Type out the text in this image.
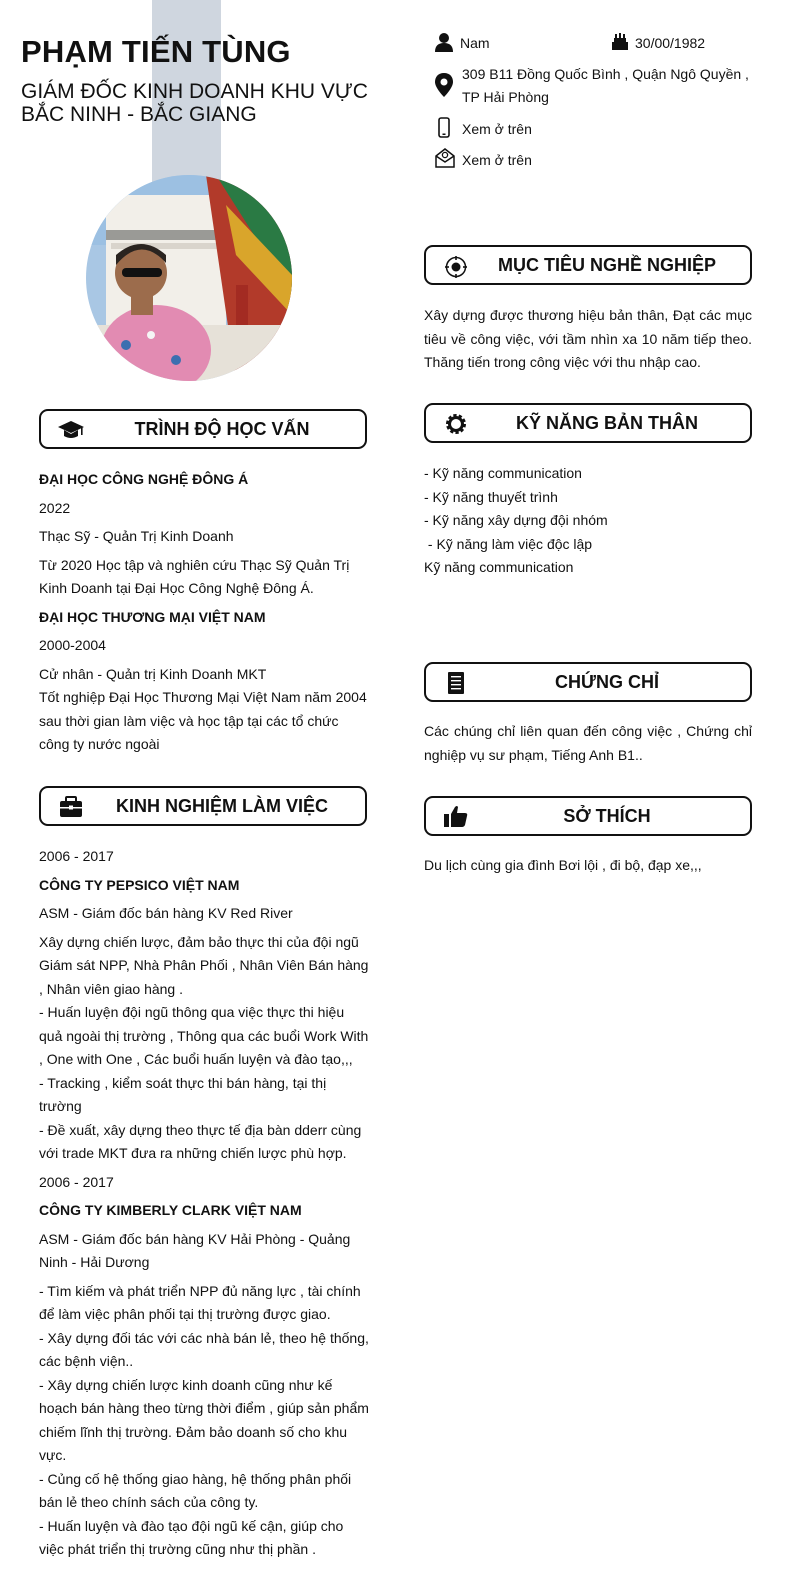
PHẠM TIẾN TÙNG
GIÁM ĐỐC KINH DOANH KHU VỰC BẮC NINH - BẮC GIANG
Nam	30/00/1982
309 B11 Đồng Quốc Bình , Quận Ngô Quyền , TP Hải Phòng
Xem ở trên
Xem ở trên
TRÌNH ĐỘ HỌC VẤN

ĐẠI HỌC CÔNG NGHỆ ĐÔNG Á

2022

Thạc Sỹ - Quản Trị Kinh Doanh

Từ 2020 Học tập và nghiên cứu Thạc Sỹ Quản Trị Kinh Doanh tại Đại Học Công Nghệ Đông Á.

ĐẠI HỌC THƯƠNG MẠI VIỆT NAM

2000-2004

Cử nhân - Quản trị Kinh Doanh MKT

Tốt nghiệp Đại Học Thương Mại Việt Nam năm 2004 sau thời gian làm việc và học tập tại các tổ chức công ty nước ngoài

KINH NGHIỆM LÀM VIỆC

2006 - 2017

CÔNG TY PEPSICO VIỆT NAM

ASM - Giám đốc bán hàng KV Red River

Xây dựng chiến lược, đảm bảo thực thi của đội ngũ Giám sát NPP, Nhà Phân Phối , Nhân Viên Bán hàng , Nhân viên giao hàng .

- Huấn luyện đội ngũ thông qua việc thực thi hiệu quả ngoài thị trường , Thông qua các buổi Work With , One with One , Các buổi huấn luyện và đào tạo,,,

- Tracking , kiểm soát thực thi bán hàng, tại thị trường

- Đề xuất, xây dựng theo thực tế địa bàn dderr cùng với trade MKT đưa ra những chiến lược phù hợp.

2006 - 2017

CÔNG TY KIMBERLY CLARK VIỆT NAM

ASM - Giám đốc bán hàng KV Hải Phòng - Quảng Ninh - Hải Dương

- Tìm kiếm và phát triển NPP đủ năng lực , tài chính để làm việc phân phối tại thị trường được giao.

- Xây dựng đối tác với các nhà bán lẻ, theo hệ thống, các bệnh viện..

- Xây dựng chiến lược kinh doanh cũng như kế hoạch bán hàng theo từng thời điểm , giúp sản phẩm chiếm lĩnh thị trường. Đảm bảo doanh số cho khu vực.

- Củng cố hệ thống giao hàng, hệ thống phân phối bán lẻ theo chính sách của công ty.

- Huấn luyện và đào tạo đội ngũ kế cận, giúp cho việc phát triển thị trường cũng như thị phần .

MỤC TIÊU NGHỀ NGHIỆP
Xây dựng được thương hiệu bản thân, Đạt các mục tiêu về công việc, với tầm nhìn xa 10 năm tiếp theo. Thăng tiến trong công việc với thu nhập cao.
KỸ NĂNG BẢN THÂN

- Kỹ năng communication

- Kỹ năng thuyết trình

- Kỹ năng xây dựng đội nhóm

- Kỹ năng làm việc độc lập

Kỹ năng communication

CHỨNG CHỈ
Các chúng chỉ liên quan đến công việc , Chứng chỉ nghiệp vụ sư phạm, Tiếng Anh B1..
SỞ THÍCH
Du lịch cùng gia đình Bơi lội , đi bộ, đạp xe,,,
